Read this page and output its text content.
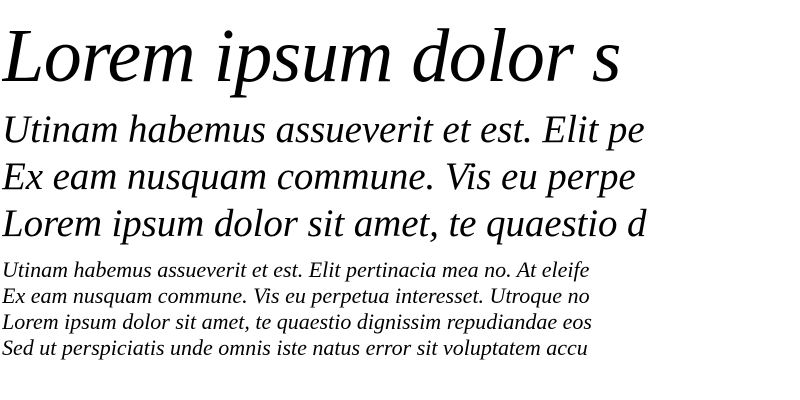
Lorem ipsum dolor s
Utinam habemus assueverit et est. Elit pe
Ex eam nusquam commune. Vis eu perpe
Lorem ipsum dolor sit amet, te quaestio d
Utinam habemus assueverit et est. Elit pertinacia mea no. At eleife
Ex eam nusquam commune. Vis eu perpetua interesset. Utroque no
Lorem ipsum dolor sit amet, te quaestio dignissim repudiandae eos
Sed ut perspiciatis unde omnis iste natus error sit voluptatem accu
